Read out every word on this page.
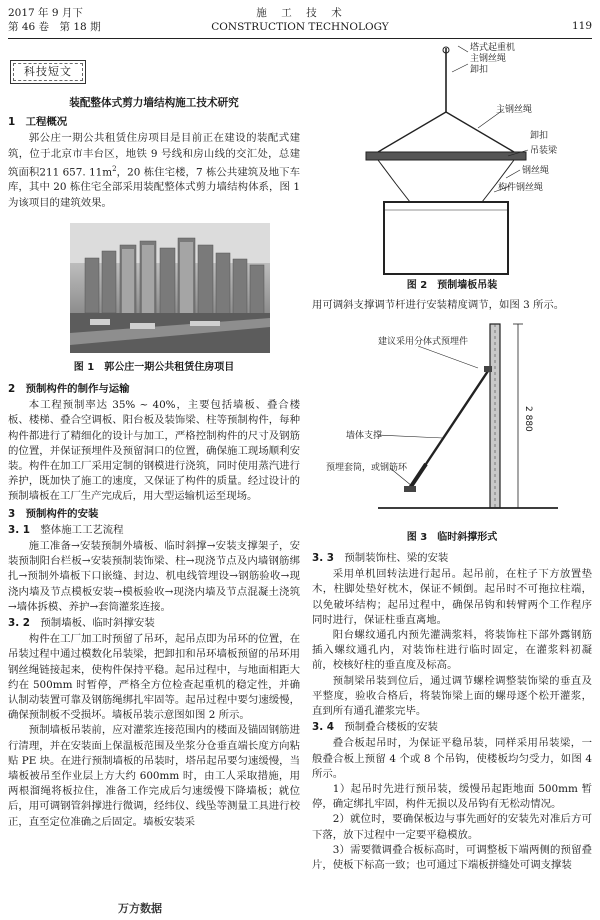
2017 年 9 月下
第 46 卷　第 18 期
施　工　技　术
CONSTRUCTION TECHNOLOGY	119
科技短文
装配整体式剪力墙结构施工技术研究
1　工程概况

郭公庄一期公共租赁住房项目是目前正在建设的装配式建筑，位于北京市丰台区，地铁 9 号线和房山线的交汇处，总建筑面积211 657. $11m^2$，20 栋住宅楼，7 栋公共建筑及地下车库，其中 20 栋住宅全部采用装配整体式剪力墙结构体系，图 1 为该项目的建筑效果。

图 1　郭公庄一期公共租赁住房项目
2　预制构件的制作与运输

本工程预制率达 35% ~ 40%，主要包括墙板、叠合楼板、楼梯、叠合空调板、阳台板及装饰梁、柱等预制构件，每种构件都进行了精细化的设计与加工，严格控制构件的尺寸及钢筋的位置，并保证预埋件及预留洞口的位置，确保施工现场顺利安装。构件在加工厂采用定制的钢模进行浇筑，同时使用蒸汽进行养护，既加快了施工的速度，又保证了构件的质量。经过设计的预制墙板在工厂生产完成后，用大型运输机运至现场。

3　预制构件的安装
3. 1　 整体施工工艺流程

施工准备→安装预制外墙板、临时斜撑→安装支撑架子，安装预制阳台栏板→安装预制装饰梁、柱→现浇节点及内墙钢筋绑扎→预制外墙板下口嵌缝、封边、机电线管埋设→钢筋验收→现浇内墙及节点模板安装→模板验收→现浇内墙及节点混凝土浇筑→墙体拆模、养护→套筒灌浆连接。

3. 2　 预制墙板、临时斜撑安装

构件在工厂加工时预留了吊环，起吊点即为吊环的位置，在吊装过程中通过模数化吊装梁，把卸扣和吊环墙板预留的吊环用钢丝绳链接起来，使构件保持平稳。起吊过程中，与地面相距大约在 500mm 时暂停，严格全方位检查起重机的稳定性，并确认制动装置可靠及钢筋绳绑扎牢固等。起吊过程中要匀速缓慢，确保预制板不受损坏。墙板吊装示意图如图 2 所示。

预制墙板吊装前，应对灌浆连接范围内的楼面及锚固钢筋进行清理，并在安装面上保温板范围及坐浆分仓垂直端长度方向粘贴 PE 块。在进行预制墙板的吊装时，塔吊起吊要匀速缓慢，当墙板被吊至作业层上方大约 600mm 时，由工人采取措施，用两根溜绳将板拉住，准备工作完成后匀速缓慢下降墙板；就位后，用可调钢管斜撑进行微调，经纬仪、线坠等测量工具进行校正，直至定位准确之后固定。墙板安装采

塔式起重机
主钢丝绳
卸扣
主钢丝绳
卸扣
吊装梁
钢丝绳
构件钢丝绳
图 2　预制墙板吊装

用可调斜支撑调节杆进行安装精度调节，如图 3 所示。

建议采用分体式预埋件
墙体支撑
预埋套筒，或钢筋环
2 880
图 3　临时斜撑形式
3. 3　 预制装饰柱、梁的安装

采用单机回转法进行起吊。起吊前，在柱子下方放置垫木，柱脚处垫好枕木，保证不倾倒。起吊时不可拖拉柱端，以免破坏结构；起吊过程中，确保吊钩和转臂两个工作程序同时进行，保证柱垂直离地。

阳台螺纹通孔内预先灌满浆料，将装饰柱下部外露钢筋插入螺纹通孔内，对装饰柱进行临时固定，在灌浆料初凝前，校核好柱的垂直度及标高。

预制梁吊装到位后，通过调节螺栓调整装饰梁的垂直及平整度，验收合格后，将装饰梁上面的螺母逐个松开灌浆，直到所有通孔灌浆完毕。

3. 4　 预制叠合楼板的安装

叠合板起吊时，为保证平稳吊装，同样采用吊装梁，一般叠合板上预留 4 个或 8 个吊钩，使楼板均匀受力，如图 4 所示。

1）起吊时先进行预吊装，缓慢吊起距地面 500mm 暂停，确定绑扎牢固，构件无损以及吊钩有无松动情况。

2）就位时，要确保板边与事先画好的安装先对准后方可下落，放下过程中一定要平稳模放。

3）需要微调叠合板标高时，可调整板下端两侧的预留叠片，使板下标高一致；也可通过下端板拼缝处可调支撑装

万方数据
